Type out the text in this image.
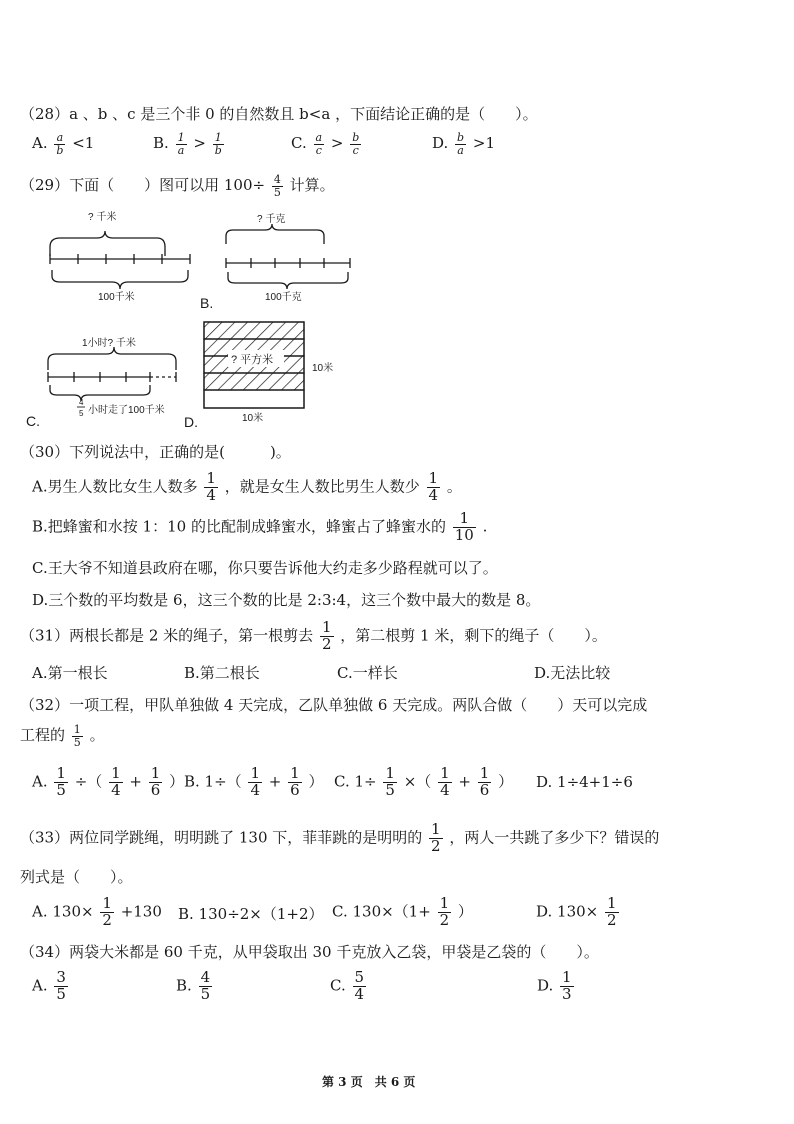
（28）a 、b 、c 是三个非 0 的自然数且 b<a ，下面结论正确的是（　　）。
A. $\frac{a}{b} <1$	B. $\frac{1}{a} > \frac{1}{b}$	C. $\frac{a}{c} > \frac{b}{c}$	D. $\frac{b}{a} >1$
（29）下面（　　）图可以用 $100\div \frac{4}{5}$ 计算。
? 千米
100千米
? 千克
100千克
B.
1小时? 千米
4
5 小时走了100千米
C.
? 平方米
10米
10米
D.
（30）下列说法中，正确的是(　　　)。
A.男生人数比女生人数多 $\frac{1}{4}$ ，就是女生人数比男生人数少 $\frac{1}{4}$ 。
B.把蜂蜜和水按 1：10 的比配制成蜂蜜水，蜂蜜占了蜂蜜水的 $\frac{1}{10}$ .
C.王大爷不知道县政府在哪，你只要告诉他大约走多少路程就可以了。
D.三个数的平均数是 6，这三个数的比是 2:3:4，这三个数中最大的数是 8。
（31）两根长都是 2 米的绳子，第一根剪去 $\frac{1}{2}$ ，第二根剪 1 米，剩下的绳子（　　）。
A.第一根长	B.第二根长	C.一样长	D.无法比较
（32）一项工程，甲队单独做 4 天完成，乙队单独做 6 天完成。两队合做（　　）天可以完成
工程的 $\frac{1}{5}$ 。
A. $\frac{1}{5}$ ÷（ $\frac{1}{4} + \frac{1}{6}$ ） B. $1\div( \frac{1}{4} + \frac{1}{6}$ ） C. $1\div \frac{1}{5}$ ×（ $\frac{1}{4} + \frac{1}{6}$ ） D. 1÷4+1÷6
（33）两位同学跳绳，明明跳了 130 下，菲菲跳的是明明的 $\frac{1}{2}$ ，两人一共跳了多少下？错误的
列式是（　　）。
A. $130\times \frac{1}{2} +130$ B. 130÷2×（1+2） C. $130\times(1+ \frac{1}{2}$ ）	D. $130\times \frac{1}{2}$
（34）两袋大米都是 60 千克，从甲袋取出 30 千克放入乙袋，甲袋是乙袋的（　　）。
A. $\frac{3}{5}$	B. $\frac{4}{5}$	C. $\frac{5}{4}$	D. $\frac{1}{3}$
第 3 页　共 6 页
